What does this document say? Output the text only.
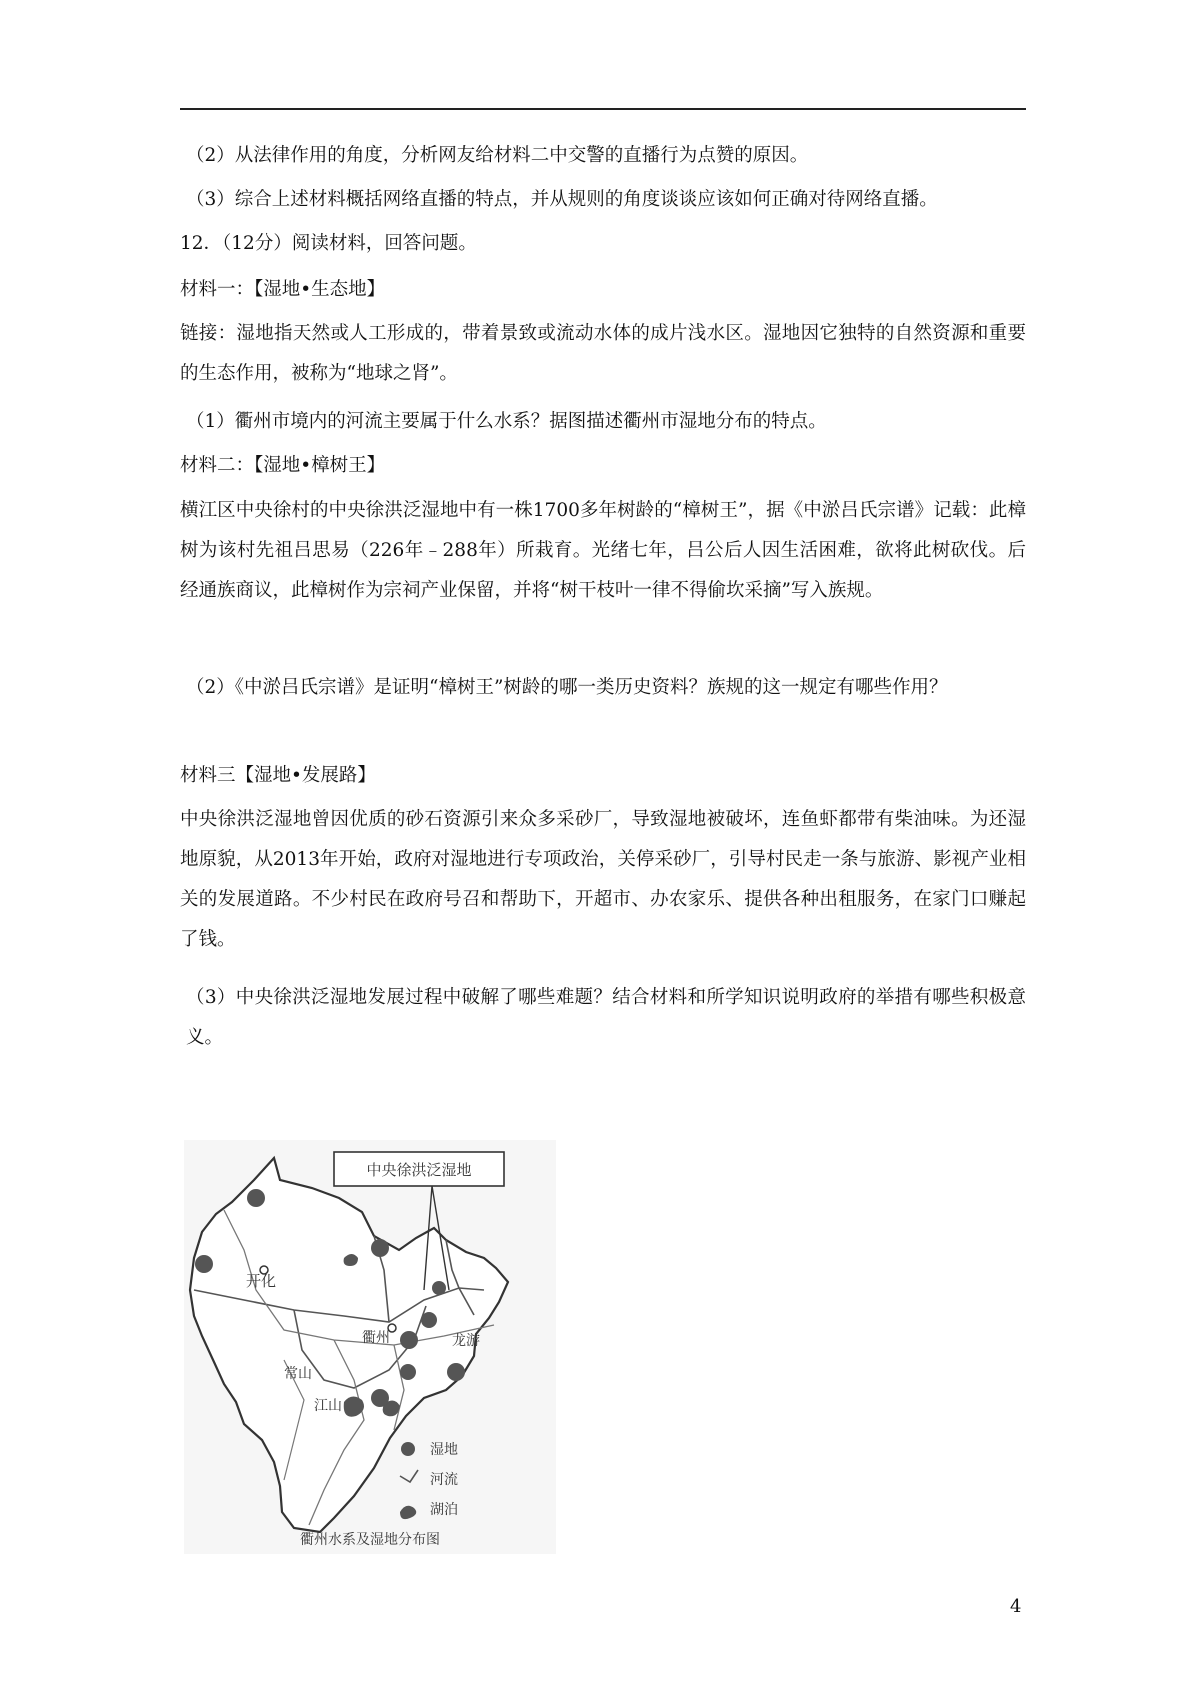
（2）从法律作用的角度，分析网友给材料二中交警的直播行为点赞的原因。

（3）综合上述材料概括网络直播的特点，并从规则的角度谈谈应该如何正确对待网络直播。

12．（12分）阅读材料，回答问题。

材料一：【湿地•生态地】

链接：湿地指天然或人工形成的，带着景致或流动水体的成片浅水区。湿地因它独特的自然资源和重要的生态作用，被称为“地球之肾”。

（1）衢州市境内的河流主要属于什么水系？据图描述衢州市湿地分布的特点。

材料二：【湿地•樟树王】

横江区中央徐村的中央徐洪泛湿地中有一株1700多年树龄的“樟树王”，据《中淤吕氏宗谱》记载：此樟树为该村先祖吕思易（226年﹣288年）所栽育。光绪七年，吕公后人因生活困难，欲将此树砍伐。后经通族商议，此樟树作为宗祠产业保留，并将“树干枝叶一律不得偷坎采摘”写入族规。

（2）《中淤吕氏宗谱》是证明“樟树王”树龄的哪一类历史资料？族规的这一规定有哪些作用？

材料三【湿地•发展路】

中央徐洪泛湿地曾因优质的砂石资源引来众多采砂厂，导致湿地被破坏，连鱼虾都带有柴油味。为还湿地原貌，从2013年开始，政府对湿地进行专项政治，关停采砂厂，引导村民走一条与旅游、影视产业相关的发展道路。不少村民在政府号召和帮助下，开超市、办农家乐、提供各种出租服务，在家门口赚起了钱。

（3）中央徐洪泛湿地发展过程中破解了哪些难题？结合材料和所学知识说明政府的举措有哪些积极意义。

中央徐洪泛湿地
开化
衢州	龙游
常山
江山
湿地
河流
湖泊
衢州水系及湿地分布图
4
